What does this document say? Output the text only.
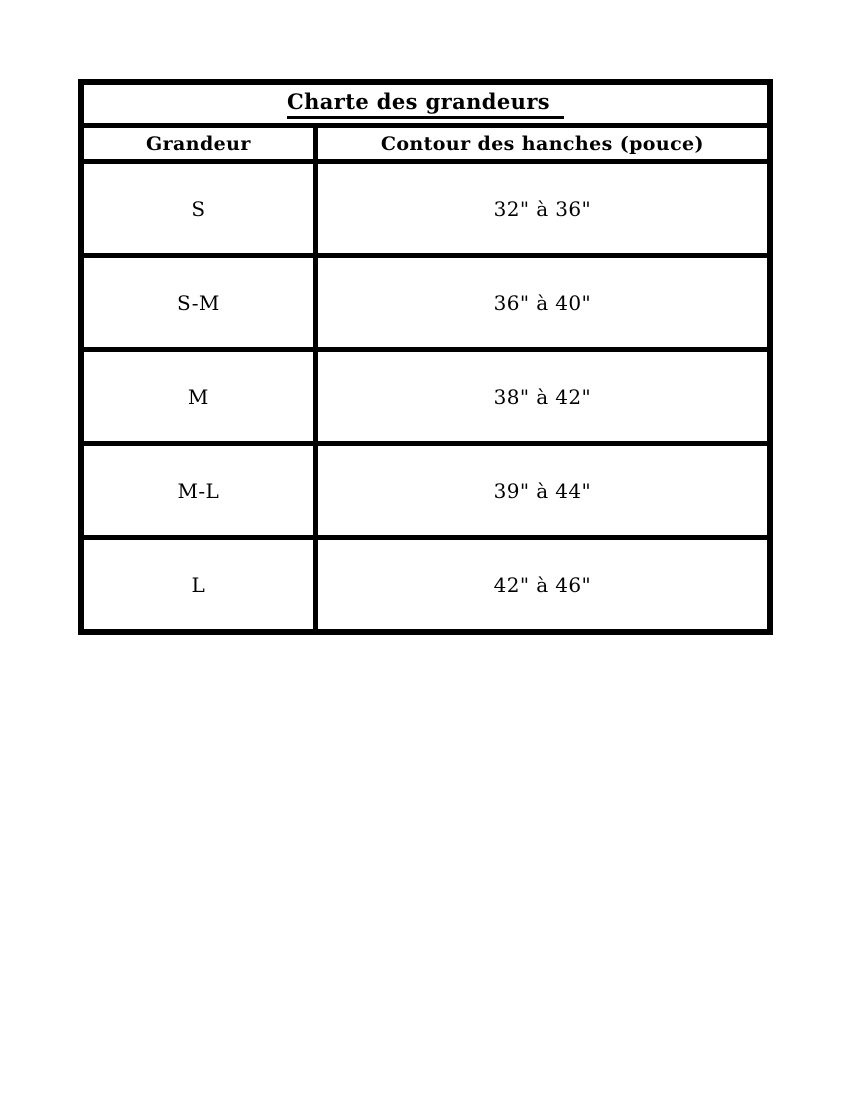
Charte des grandeurs	
Grandeur	Contour des hanches (pouce)
S	32" à 36"
S-M	36" à 40"
M	38" à 42"
M-L	39" à 44"
L	42" à 46"
